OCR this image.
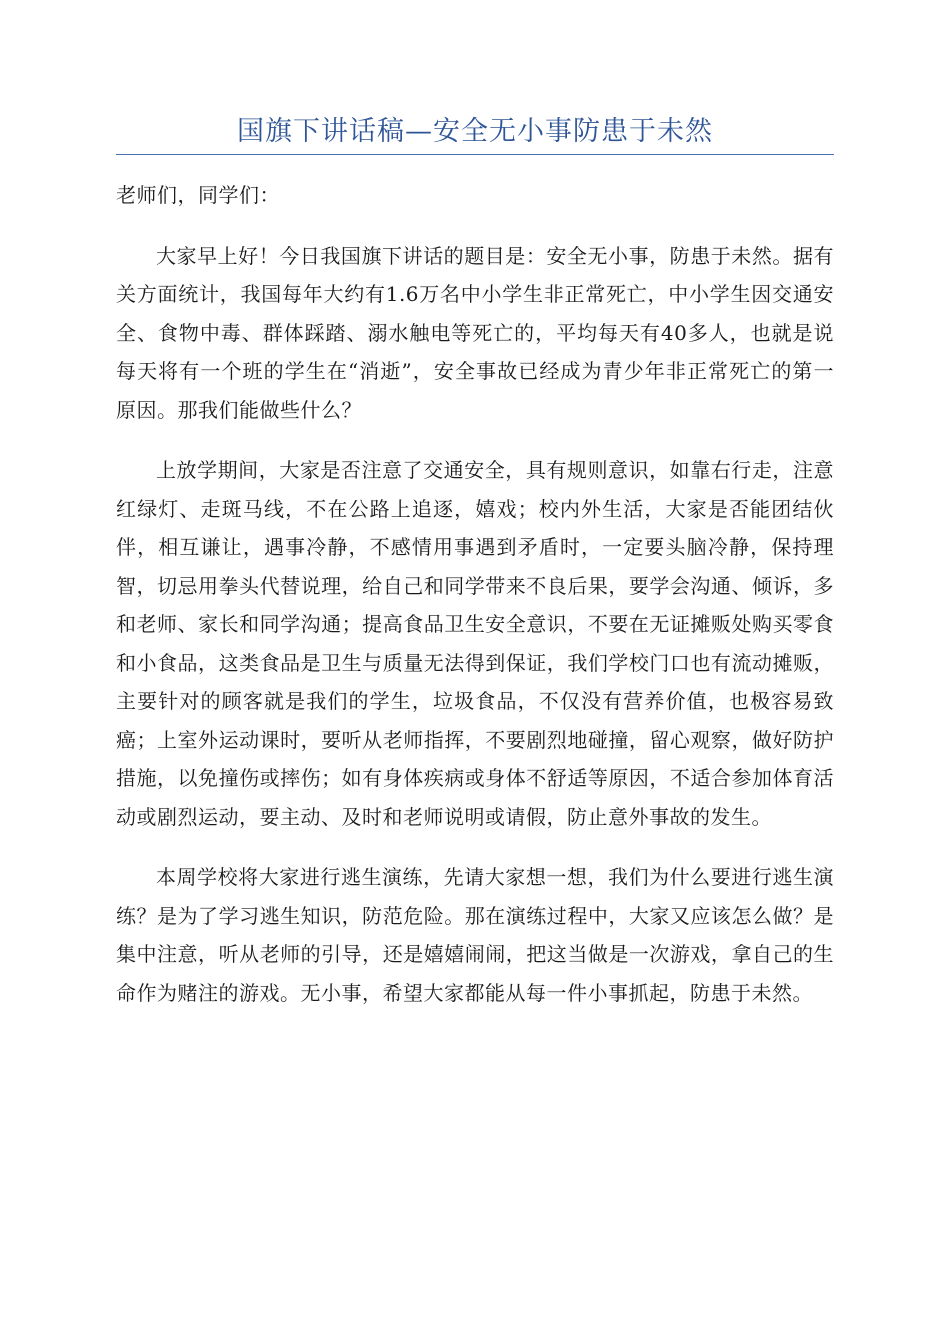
国旗下讲话稿—安全无小事防患于未然

老师们，同学们：

大家早上好！今日我国旗下讲话的题目是：安全无小事，防患于未然。据有关方面统计，我国每年大约有1.6万名中小学生非正常死亡，中小学生因交通安全、食物中毒、群体踩踏、溺水触电等死亡的，平均每天有40多人，也就是说每天将有一个班的学生在“消逝”，安全事故已经成为青少年非正常死亡的第一原因。那我们能做些什么？

上放学期间，大家是否注意了交通安全，具有规则意识，如靠右行走，注意红绿灯、走斑马线，不在公路上追逐，嬉戏；校内外生活，大家是否能团结伙伴，相互谦让，遇事冷静，不感情用事遇到矛盾时，一定要头脑冷静，保持理智，切忌用拳头代替说理，给自己和同学带来不良后果，要学会沟通、倾诉，多和老师、家长和同学沟通；提高食品卫生安全意识，不要在无证摊贩处购买零食和小食品，这类食品是卫生与质量无法得到保证，我们学校门口也有流动摊贩，主要针对的顾客就是我们的学生，垃圾食品，不仅没有营养价值，也极容易致癌；上室外运动课时，要听从老师指挥，不要剧烈地碰撞，留心观察，做好防护措施，以免撞伤或摔伤；如有身体疾病或身体不舒适等原因，不适合参加体育活动或剧烈运动，要主动、及时和老师说明或请假，防止意外事故的发生。

本周学校将大家进行逃生演练，先请大家想一想，我们为什么要进行逃生演练？是为了学习逃生知识，防范危险。那在演练过程中，大家又应该怎么做？是集中注意，听从老师的引导，还是嬉嬉闹闹，把这当做是一次游戏，拿自己的生命作为赌注的游戏。无小事，希望大家都能从每一件小事抓起，防患于未然。
